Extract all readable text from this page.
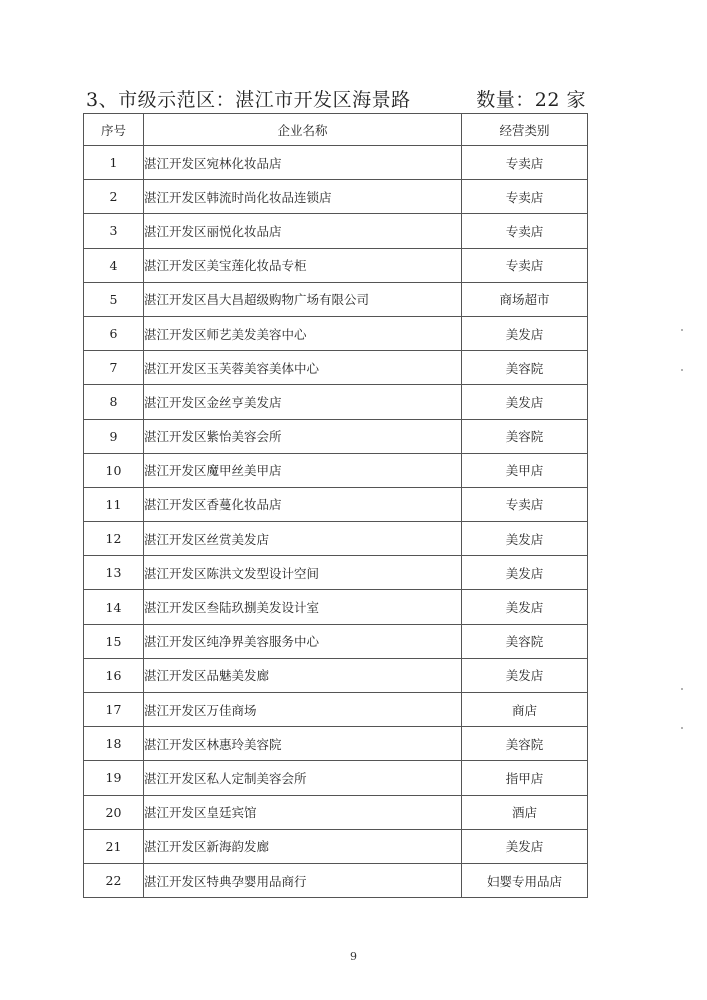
3、市级示范区：湛江市开发区海景路	数量：22 家
序号	企业名称	经营类别
1	湛江开发区宛林化妆品店	专卖店
2	湛江开发区韩流时尚化妆品连锁店	专卖店
3	湛江开发区丽悦化妆品店	专卖店
4	湛江开发区美宝莲化妆品专柜	专卖店
5	湛江开发区昌大昌超级购物广场有限公司	商场超市
6	湛江开发区师艺美发美容中心	美发店
7	湛江开发区玉芙蓉美容美体中心	美容院
8	湛江开发区金丝亨美发店	美发店
9	湛江开发区紫怡美容会所	美容院
10	湛江开发区魔甲丝美甲店	美甲店
11	湛江开发区香蔓化妆品店	专卖店
12	湛江开发区丝赏美发店	美发店
13	湛江开发区陈洪文发型设计空间	美发店
14	湛江开发区叁陆玖捌美发设计室	美发店
15	湛江开发区纯净界美容服务中心	美容院
16	湛江开发区品魅美发廊	美发店
17	湛江开发区万佳商场	商店
18	湛江开发区林惠玲美容院	美容院
19	湛江开发区私人定制美容会所	指甲店
20	湛江开发区皇廷宾馆	酒店
21	湛江开发区新海韵发廊	美发店
22	湛江开发区特典孕婴用品商行	妇婴专用品店
9
